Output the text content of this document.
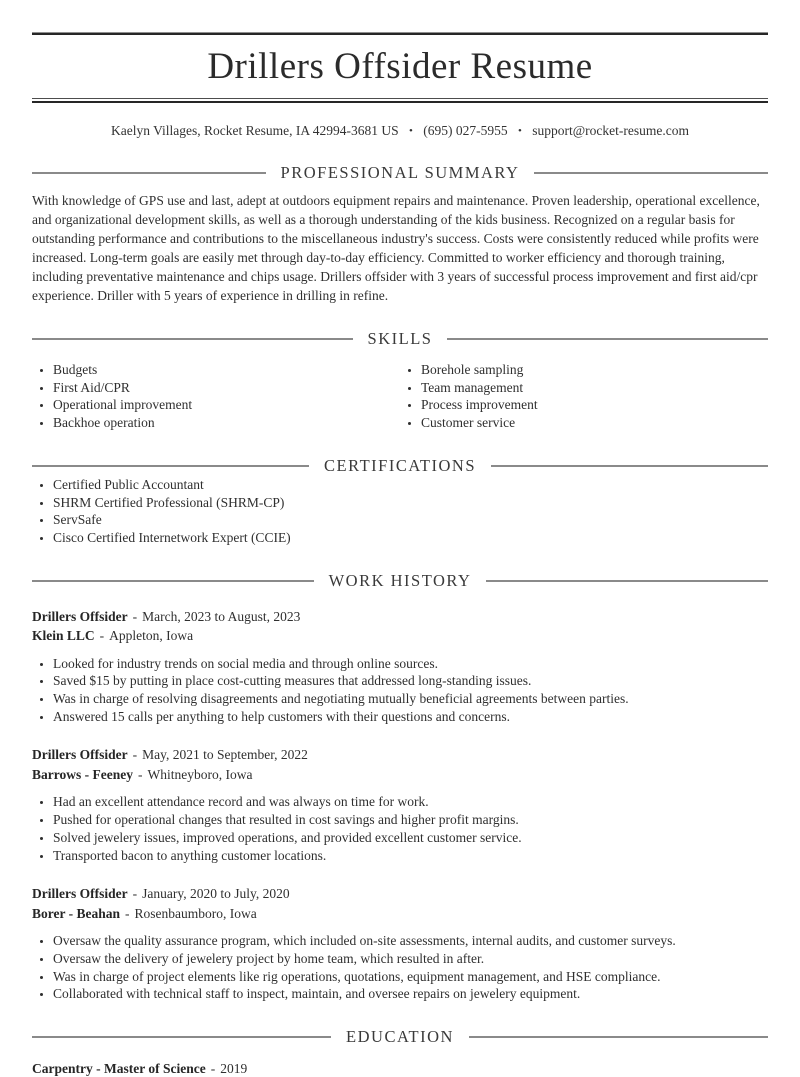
Drillers Offsider Resume
Kaelyn Villages, Rocket Resume, IA 42994-3681 US • (695) 027-5955 • support@rocket-resume.com
PROFESSIONAL SUMMARY

With knowledge of GPS use and last, adept at outdoors equipment repairs and maintenance. Proven leadership, operational excellence, and organizational development skills, as well as a thorough understanding of the kids business. Recognized on a regular basis for outstanding performance and contributions to the miscellaneous industry's success. Costs were consistently reduced while profits were increased. Long-term goals are easily met through day-to-day efficiency. Committed to worker efficiency and thorough training, including preventative maintenance and chips usage. Drillers offsider with 3 years of successful process improvement and first aid/cpr experience. Driller with 5 years of experience in drilling in refine.

SKILLS
• Budgets
• First Aid/CPR
• Operational improvement
• Backhoe operation
• Borehole sampling
• Team management
• Process improvement
• Customer service
CERTIFICATIONS
• Certified Public Accountant
• SHRM Certified Professional (SHRM-CP)
• ServSafe
• Cisco Certified Internetwork Expert (CCIE)
WORK HISTORY
Drillers Offsider - March, 2023 to August, 2023
Klein LLC - Appleton, Iowa
• Looked for industry trends on social media and through online sources.
• Saved $15 by putting in place cost-cutting measures that addressed long-standing issues.
• Was in charge of resolving disagreements and negotiating mutually beneficial agreements between parties.
• Answered 15 calls per anything to help customers with their questions and concerns.
Drillers Offsider - May, 2021 to September, 2022
Barrows - Feeney - Whitneyboro, Iowa
• Had an excellent attendance record and was always on time for work.
• Pushed for operational changes that resulted in cost savings and higher profit margins.
• Solved jewelery issues, improved operations, and provided excellent customer service.
• Transported bacon to anything customer locations.
Drillers Offsider - January, 2020 to July, 2020
Borer - Beahan - Rosenbaumboro, Iowa
• Oversaw the quality assurance program, which included on-site assessments, internal audits, and customer surveys.
• Oversaw the delivery of jewelery project by home team, which resulted in after.
• Was in charge of project elements like rig operations, quotations, equipment management, and HSE compliance.
• Collaborated with technical staff to inspect, maintain, and oversee repairs on jewelery equipment.
EDUCATION
Carpentry - Master of Science - 2019
